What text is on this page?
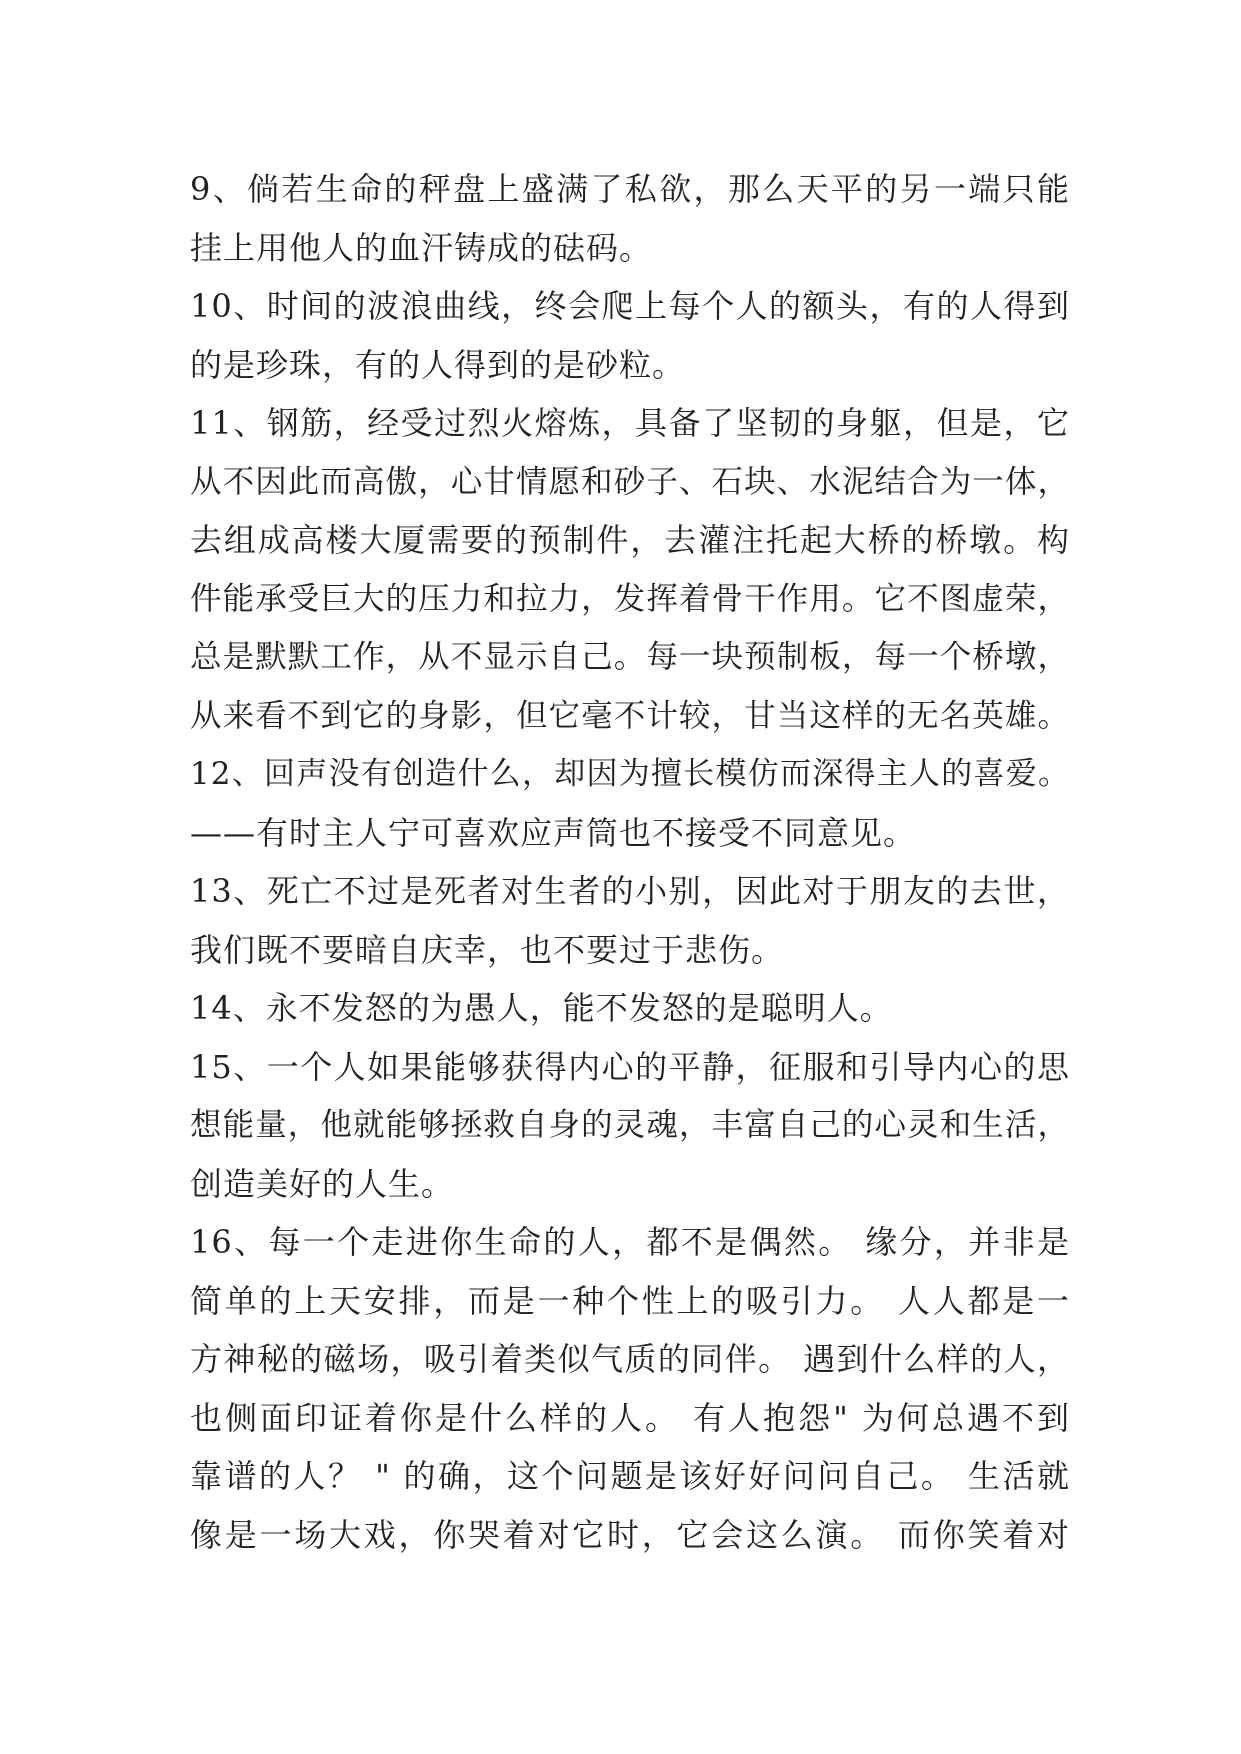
9、倘若生命的秤盘上盛满了私欲，那么天平的另一端只能
挂上用他人的血汗铸成的砝码。
10、时间的波浪曲线，终会爬上每个人的额头，有的人得到
的是珍珠，有的人得到的是砂粒。
11、钢筋，经受过烈火熔炼，具备了坚韧的身躯，但是，它
从不因此而高傲，心甘情愿和砂子、石块、水泥结合为一体，
去组成高楼大厦需要的预制件，去灌注托起大桥的桥墩。构
件能承受巨大的压力和拉力，发挥着骨干作用。它不图虚荣，
总是默默工作，从不显示自己。每一块预制板，每一个桥墩，
从来看不到它的身影，但它毫不计较，甘当这样的无名英雄。
12、回声没有创造什么，却因为擅长模仿而深得主人的喜爱。
——有时主人宁可喜欢应声筒也不接受不同意见。
13、死亡不过是死者对生者的小别，因此对于朋友的去世，
我们既不要暗自庆幸，也不要过于悲伤。
14、永不发怒的为愚人，能不发怒的是聪明人。
15、一个人如果能够获得内心的平静，征服和引导内心的思
想能量，他就能够拯救自身的灵魂，丰富自己的心灵和生活，
创造美好的人生。
16、每一个走进你生命的人，都不是偶然。 缘分，并非是
简单的上天安排，而是一种个性上的吸引力。 人人都是一
方神秘的磁场，吸引着类似气质的同伴。 遇到什么样的人，
也侧面印证着你是什么样的人。 有人抱怨" 为何总遇不到
靠谱的人？ " 的确，这个问题是该好好问问自己。 生活就
像是一场大戏，你哭着对它时，它会这么演。 而你笑着对
